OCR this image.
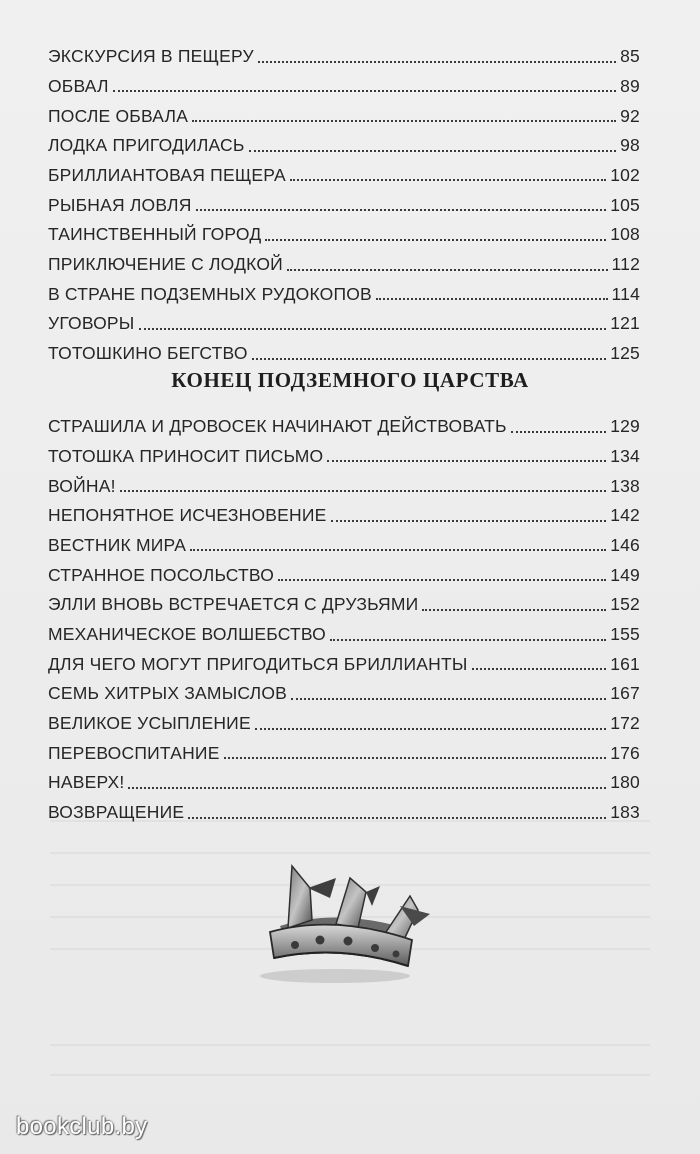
ЭКСКУРСИЯ В ПЕЩЕРУ	85
ОБВАЛ	89
ПОСЛЕ ОБВАЛА	92
ЛОДКА ПРИГОДИЛАСЬ	98
БРИЛЛИАНТОВАЯ ПЕЩЕРА	102
РЫБНАЯ ЛОВЛЯ	105
ТАИНСТВЕННЫЙ ГОРОД	108
ПРИКЛЮЧЕНИЕ С ЛОДКОЙ	112
В СТРАНЕ ПОДЗЕМНЫХ РУДОКОПОВ	114
УГОВОРЫ	121
ТОТОШКИНО БЕГСТВО	125
КОНЕЦ ПОДЗЕМНОГО ЦАРСТВА
СТРАШИЛА И ДРОВОСЕК НАЧИНАЮТ ДЕЙСТВОВАТЬ	129
ТОТОШКА ПРИНОСИТ ПИСЬМО	134
ВОЙНА!	138
НЕПОНЯТНОЕ ИСЧЕЗНОВЕНИЕ	142
ВЕСТНИК МИРА	146
СТРАННОЕ ПОСОЛЬСТВО	149
ЭЛЛИ ВНОВЬ ВСТРЕЧАЕТСЯ С ДРУЗЬЯМИ	152
МЕХАНИЧЕСКОЕ ВОЛШЕБСТВО	155
ДЛЯ ЧЕГО МОГУТ ПРИГОДИТЬСЯ БРИЛЛИАНТЫ	161
СЕМЬ ХИТРЫХ ЗАМЫСЛОВ	167
ВЕЛИКОЕ УСЫПЛЕНИЕ	172
ПЕРЕВОСПИТАНИЕ	176
НАВЕРХ!	180
ВОЗВРАЩЕНИЕ	183
bookclub.by
